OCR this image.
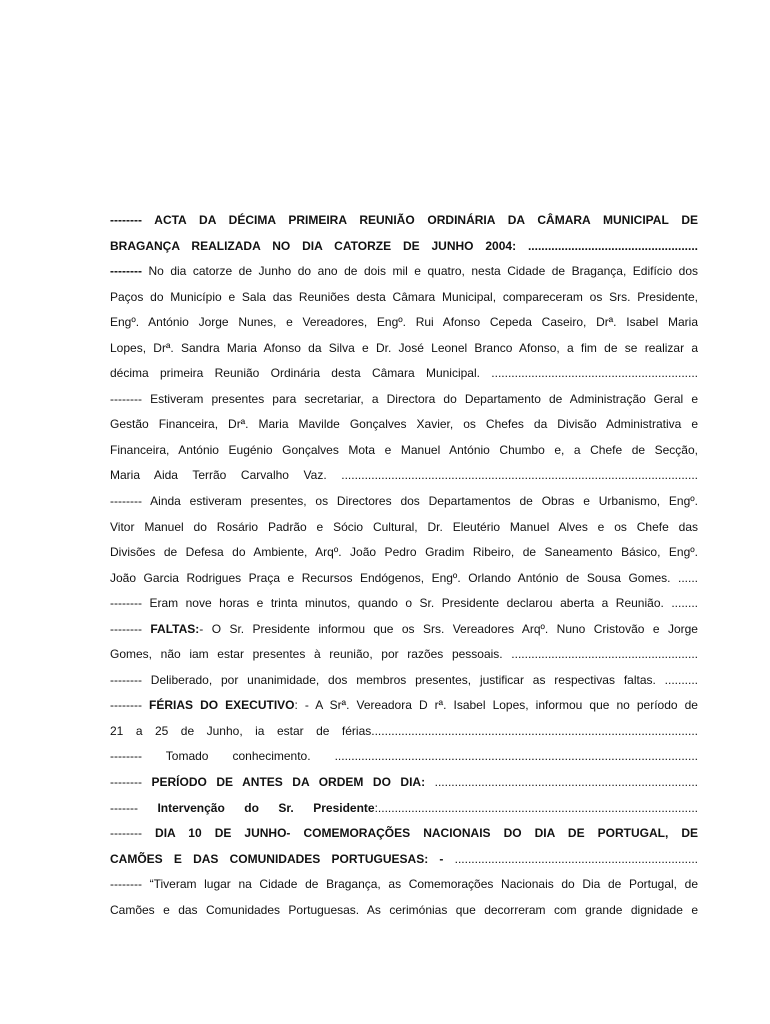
-------- ACTA DA DÉCIMA PRIMEIRA REUNIÃO ORDINÁRIA DA CÂMARA MUNICIPAL DE
BRAGANÇA REALIZADA NO DIA CATORZE DE JUNHO 2004: ...................................................
-------- No dia catorze de Junho do ano de dois mil e quatro, nesta Cidade de Bragança, Edifício dos
Paços do Município e Sala das Reuniões desta Câmara Municipal, compareceram os Srs. Presidente,
Engº. António Jorge Nunes, e Vereadores, Engº. Rui Afonso Cepeda Caseiro, Drª. Isabel Maria
Lopes, Drª. Sandra Maria Afonso da Silva e Dr. José Leonel Branco Afonso, a fim de se realizar a
décima primeira Reunião Ordinária desta Câmara Municipal. ..............................................................
-------- Estiveram presentes para secretariar, a Directora do Departamento de Administração Geral e
Gestão Financeira, Drª. Maria Mavilde Gonçalves Xavier, os Chefes da Divisão Administrativa e
Financeira, António Eugénio Gonçalves Mota e Manuel António Chumbo e, a Chefe de Secção,
Maria Aida Terrão Carvalho Vaz. ...........................................................................................................
-------- Ainda estiveram presentes, os Directores dos Departamentos de Obras e Urbanismo, Engº.
Vitor Manuel do Rosário Padrão e Sócio Cultural, Dr. Eleutério Manuel Alves e os Chefe das
Divisões de Defesa do Ambiente, Arqº. João Pedro Gradim Ribeiro, de Saneamento Básico, Engº.
João Garcia Rodrigues Praça e Recursos Endógenos, Engº. Orlando António de Sousa Gomes. ......
-------- Eram nove horas e trinta minutos, quando o Sr. Presidente declarou aberta a Reunião. ........
-------- FALTAS:- O Sr. Presidente informou que os Srs. Vereadores Arqº. Nuno Cristovão e Jorge
Gomes, não iam estar presentes à reunião, por razões pessoais. ........................................................
-------- Deliberado, por unanimidade, dos membros presentes, justificar as respectivas faltas. ..........
-------- FÉRIAS DO EXECUTIVO: - A Srª. Vereadora D rª. Isabel Lopes, informou que no período de
21 a 25 de Junho, ia estar de férias..................................................................................................
-------- Tomado conhecimento. .............................................................................................................
-------- PERÍODO DE ANTES DA ORDEM DO DIA: ...............................................................................
------- Intervenção do Sr. Presidente:................................................................................................
-------- DIA 10 DE JUNHO- COMEMORAÇÕES NACIONAIS DO DIA DE PORTUGAL, DE
CAMÕES E DAS COMUNIDADES PORTUGUESAS: - .........................................................................
-------- “Tiveram lugar na Cidade de Bragança, as Comemorações Nacionais do Dia de Portugal, de
Camões e das Comunidades Portuguesas. As cerimónias que decorreram com grande dignidade e
